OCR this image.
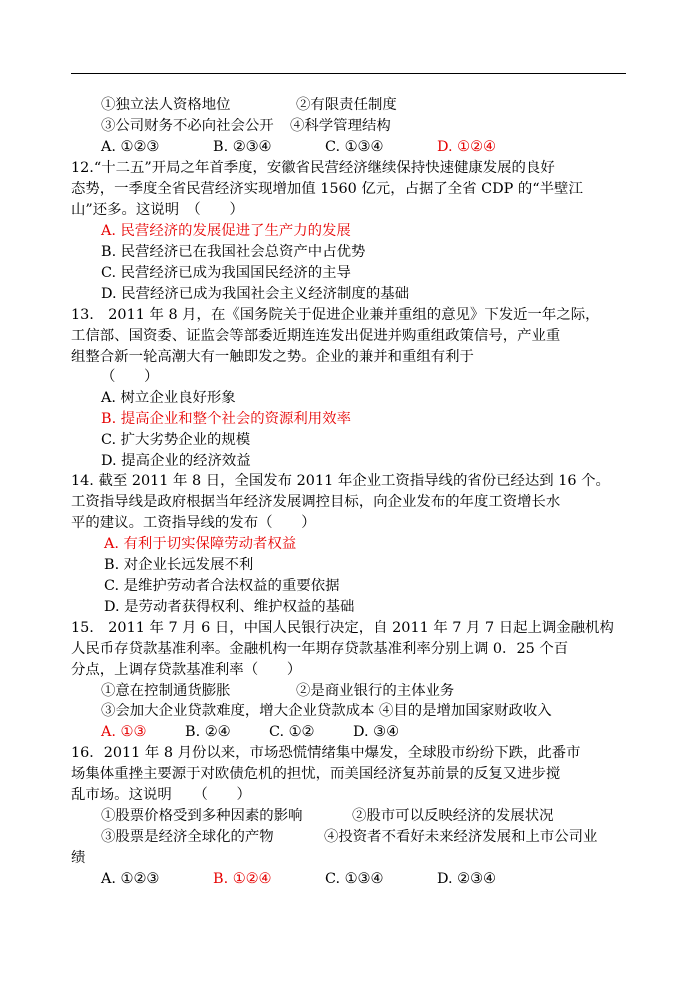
①独立法人资格地位	②有限责任制度
③公司财务不必向社会公开 ④科学管理结构
A. ①②③	B. ②③④	C. ①③④	D. ①②④
12.“十二五”开局之年首季度，安徽省民营经济继续保持快速健康发展的良好
态势，一季度全省民营经济实现增加值 1560 亿元，占据了全省 CDP 的“半壁江
山”还多。这说明　（　　）
A. 民营经济的发展促进了生产力的发展
B. 民营经济已在我国社会总资产中占优势
C. 民营经济已成为我国国民经济的主导
D. 民营经济已成为我国社会主义经济制度的基础
13.　2011 年 8 月，在《国务院关于促进企业兼并重组的意见》下发近一年之际，
工信部、国资委、证监会等部委近期连连发出促进并购重组政策信号，产业重
组整合新一轮高潮大有一触即发之势。企业的兼并和重组有利于
（　　）
A. 树立企业良好形象
B. 提高企业和整个社会的资源利用效率
C. 扩大劣势企业的规模
D. 提高企业的经济效益
14. 截至 2011 年 8 日，全国发布 2011 年企业工资指导线的省份已经达到 16 个。
工资指导线是政府根据当年经济发展调控目标，向企业发布的年度工资增长水
平的建议。工资指导线的发布（　　）
A. 有利于切实保障劳动者权益
B. 对企业长远发展不利
C. 是维护劳动者合法权益的重要依据
D. 是劳动者获得权利、维护权益的基础
15.　2011 年 7 月 6 日，中国人民银行决定，自 2011 年 7 月 7 日起上调金融机构
人民币存贷款基准利率。金融机构一年期存贷款基准利率分别上调 0．25 个百
分点，上调存贷款基准利率（　　）
①意在控制通货膨胀	②是商业银行的主体业务
③会加大企业贷款难度，增大企业贷款成本 ④目的是增加国家财政收入
A. ①③	B. ②④	C. ①②	D. ③④
16．2011 年 8 月份以来，市场恐慌情绪集中爆发，全球股市纷纷下跌，此番市
场集体重挫主要源于对欧债危机的担忧，而美国经济复苏前景的反复又进步搅
乱市场。这说明　　（　　）
①股票价格受到多种因素的影响	②股市可以反映经济的发展状况
③股票是经济全球化的产物	④投资者不看好未来经济发展和上市公司业
绩
A. ①②③	B. ①②④	C. ①③④	D. ②③④
